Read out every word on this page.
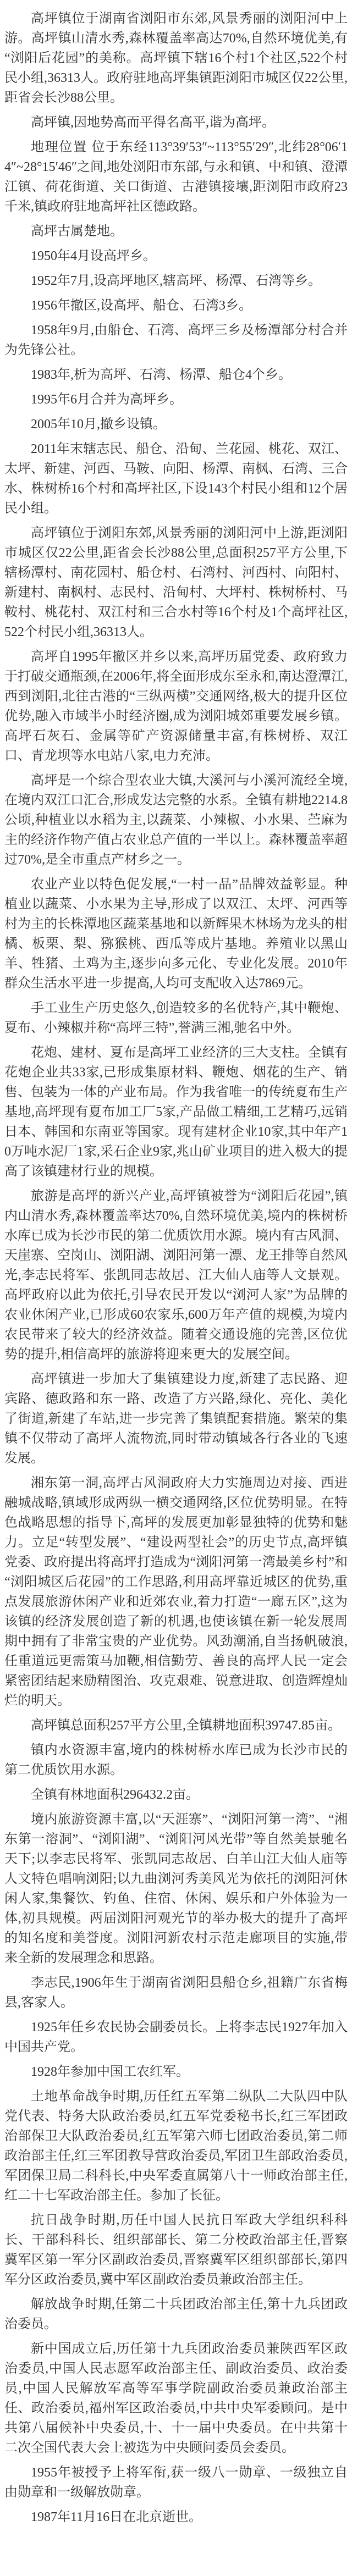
高坪镇位于湖南省浏阳市东郊,风景秀丽的浏阳河中上游。高坪镇山清水秀,森林覆盖率高达70%,自然环境优美,有“浏阳后花园”的美称。高坪镇下辖16个村1个社区,522个村民小组,36313人。政府驻地高坪集镇距浏阳市城区仅22公里,距省会长沙88公里。

高坪镇,因地势高而平得名高平,谐为高坪。

地理位置 位于东经113°39′53″~113°55′29″,北纬28°06′14″~28°15′46″之间,地处浏阳市东部,与永和镇、中和镇、澄潭江镇、荷花街道、关口街道、古港镇接壤,距浏阳市政府23千米,镇政府驻地高坪社区德政路。

高坪古属楚地。

1950年4月设高坪乡。

1952年7月,设高坪地区,辖高坪、杨潭、石湾等乡。

1956年撤区,设高坪、船仓、石湾3乡。

1958年9月,由船仓、石湾、高坪三乡及杨潭部分村合并为先锋公社。

1983年,析为高坪、石湾、杨潭、船仓4个乡。

1995年6月合并为高坪乡。

2005年10月,撤乡设镇。

2011年末辖志民、船仓、沿甸、兰花园、桃花、双江、太坪、新建、河西、马鞍、向阳、杨潭、南枫、石湾、三合水、株树桥16个村和高坪社区,下设143个村民小组和12个居民小组。

高坪镇位于浏阳东郊,风景秀丽的浏阳河中上游,距浏阳市城区仅22公里,距省会长沙88公里,总面积257平方公里,下辖杨潭村、南花园村、船仓村、石湾村、河西村、向阳村、新建村、南枫村、志民村、沿甸村、大坪村、株树桥村、马鞍村、桃花村、双江村和三合水村等16个村及1个高坪社区,522个村民小组,36313人。

高坪自1995年撤区并乡以来,高坪历届党委、政府致力于打破交通瓶颈,在2006年,将全面形成东至永和,南达澄潭江,西到浏阳,北往古港的“三纵两横”交通网络,极大的提升区位优势,融入市域半小时经济圈,成为浏阳城郊重要发展乡镇。高坪石灰石、金属等矿产资源储量丰富,有株树桥、双江口、青龙坝等水电站八家,电力充沛。

高坪是一个综合型农业大镇,大溪河与小溪河流经全境,在境内双江口汇合,形成发达完整的水系。全镇有耕地2214.8公顷,种植业以水稻为主,以蔬菜、小辣椒、小水果、苎麻为主的经济作物产值占农业总产值的一半以上。森林覆盖率超过70%,是全市重点产材乡之一。

农业产业以特色促发展,“一村一品”品牌效益彰显。种植业以蔬菜、小水果为主导,形成了以双江、太坪、河西等村为主的长株潭地区蔬菜基地和以新辉果木林场为龙头的柑橘、板栗、梨、猕猴桃、西瓜等成片基地。养殖业以黑山羊、牲猪、土鸡为主,逐步向多元化、专业化发展。2010年群众生活水平进一步提高,人均可支配收入达7869元。

手工业生产历史悠久,创造较多的名优特产,其中鞭炮、夏布、小辣椒并称“高坪三特”,誉满三湘,驰名中外。

花炮、建材、夏布是高坪工业经济的三大支柱。全镇有花炮企业共33家,已形成集原材料、鞭炮、烟花的生产、销售、包装为一体的产业布局。作为我省唯一的传统夏布生产基地,高坪现有夏布加工厂5家,产品做工精细,工艺精巧,远销日本、韩国和东南亚等国家。现有建材企业10家,其中年产10万吨水泥厂1家,采石企业9家,兆山矿业项目的进入极大的提高了该镇建材行业的规模。

旅游是高坪的新兴产业,高坪镇被誉为“浏阳后花园”,镇内山清水秀,森林覆盖率达70%,自然环境优美,境内的株树桥水库已成为长沙市民的第二优质饮用水源。境内有古风洞、天崖寨、空岗山、浏阳湖、浏阳河第一漂、龙王排等自然风光,李志民将军、张凯同志故居、江大仙人庙等人文景观。高坪政府以此为依托,引导农民开发以“浏河人家”为品牌的农业休闲产业,已形成60农家乐,600万年产值的规模,为境内农民带来了较大的经济效益。随着交通设施的完善,区位优势的提升,相信高坪的旅游将迎来更大的发展空间。

高坪镇进一步加大了集镇建设力度,新建了志民路、迎宾路、德政路和东一路、改造了方兴路,绿化、亮化、美化了街道,新建了车站,进一步完善了集镇配套措施。繁荣的集镇不仅带动了高坪人流物流,同时带动镇域各行各业的飞速发展。

湘东第一洞,高坪古风洞政府大力实施周边对接、西进融城战略,镇域形成两纵一横交通网络,区位优势明显。在特色战略思想的指导下,高坪的发展更加彰显独特的优势和魅力。立足“转型发展”、“建设两型社会”的历史节点,高坪镇党委、政府提出将高坪打造成为“浏阳河第一湾最美乡村”和“浏阳城区后花园”的工作思路,利用高坪靠近城区的优势,重点发展旅游休闲产业和近郊农业,着力打造“一廊五区”,这为该镇的经济发展创造了新的机遇,也使该镇在新一轮发展周期中拥有了非常宝贵的产业优势。风劲潮涌,自当扬帆破浪,任重道远更需策马加鞭,相信勤劳、善良的高坪人民一定会紧密团结起来励精图治、攻克艰难、锐意进取、创造辉煌灿烂的明天。

高坪镇总面积257平方公里,全镇耕地面积39747.85亩。

镇内水资源丰富,境内的株树桥水库已成为长沙市民的第二优质饮用水源。

全镇有林地面积296432.2亩。

境内旅游资源丰富,以“天涯寨”、“浏阳河第一湾”、“湘东第一溶洞”、“浏阳湖”、“浏阳河风光带”等自然美景驰名天下;以李志民将军、张凯同志故居、白羊山江大仙人庙等人文特色唱响浏阳;以九曲浏河秀美风光为依托的浏阳河休闲人家,集餐饮、钓鱼、住宿、休闲、娱乐和户外体验为一体,初具规模。两届浏阳河观光节的举办极大的提升了高坪的知名度和美誉度。浏阳河新农村示范走廊项目的实施,带来全新的发展理念和思路。

李志民,1906年生于湖南省浏阳县船仓乡,祖籍广东省梅县,客家人。

1925年任乡农民协会副委员长。上将李志民1927年加入中国共产党。

1928年参加中国工农红军。

土地革命战争时期,历任红五军第二纵队二大队四中队党代表、特务大队政治委员,红五军党委秘书长,红三军团政治部保卫大队政治委员,红五军第六师七团政治委员,第二师政治部主任,红三军团教导营政治委员,军团卫生部政治委员,军团保卫局二科科长,中央军委直属第八十一师政治部主任,红二十七军政治部主任。参加了长征。

抗日战争时期,历任中国人民抗日军政大学组织科科长、干部科科长、组织部部长、第二分校政治部主任,晋察冀军区第一军分区副政治委员,晋察冀军区组织部部长,第四军分区政治委员,冀中军区副政治委员兼政治部主任。

解放战争时期,任第二十兵团政治部主任,第十九兵团政治委员。

新中国成立后,历任第十九兵团政治委员兼陕西军区政治委员,中国人民志愿军政治部主任、副政治委员、政治委员,中国人民解放军高等军事学院副政治委员兼政治部主任、政治委员,福州军区政治委员,中共中央军委顾问。是中共第八届候补中央委员,十、十一届中央委员。在中共第十二次全国代表大会上被选为中央顾问委员会委员。

1955年被授予上将军衔,获一级八一勋章、一级独立自由勋章和一级解放勋章。

1987年11月16日在北京逝世。
